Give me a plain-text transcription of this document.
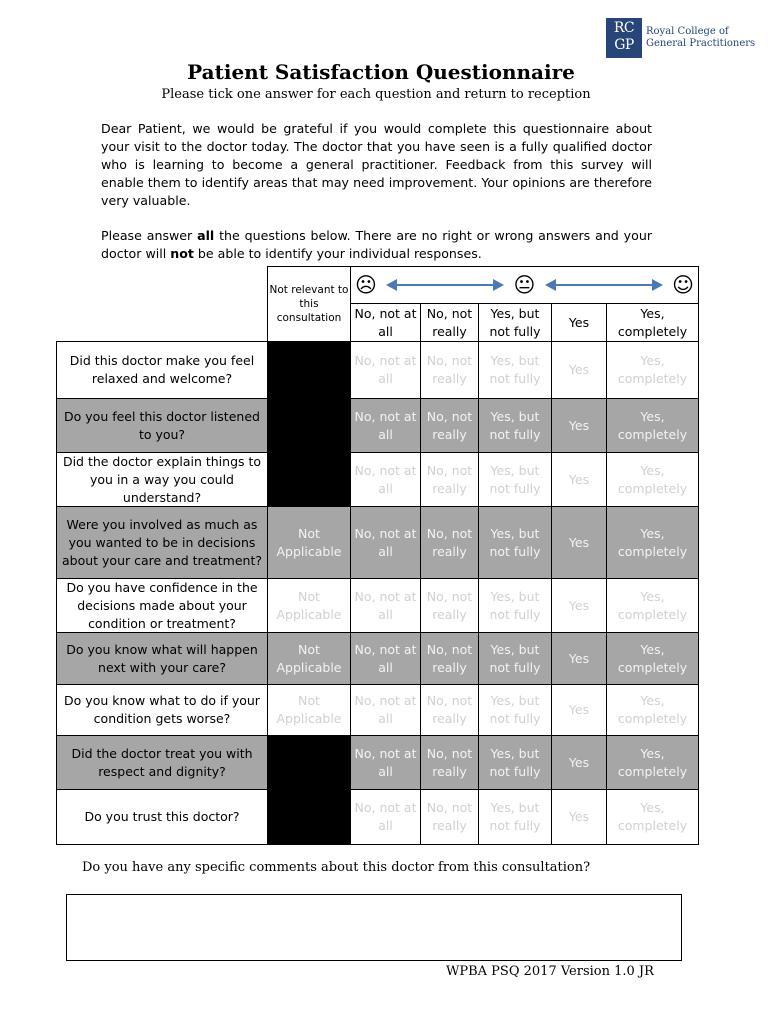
RC
GP
Royal College of
General Practitioners
Patient Satisfaction Questionnaire
Please tick one answer for each question and return to reception
Dear Patient, we would be grateful if you would complete this questionnaire about your visit to the doctor today. The doctor that you have seen is a fully qualified doctor who is learning to become a general practitioner. Feedback from this survey will enable them to identify areas that may need improvement. Your opinions are therefore very valuable.
Please answer all the questions below. There are no right or wrong answers and your doctor will not be able to identify your individual responses.
Not relevant to this consultation
☹	😐	☺
No, not at all
No, not really
Yes, but not fully
Yes
Yes, completely
Did this doctor make you feel relaxed and welcome?
No, not at all
No, not really
Yes, but not fully
Yes
Yes, completely
Do you feel this doctor listened to you?
No, not at all
No, not really
Yes, but not fully
Yes
Yes, completely
Did the doctor explain things to you in a way you could understand?
No, not at all
No, not really
Yes, but not fully
Yes
Yes, completely
Were you involved as much as you wanted to be in decisions about your care and treatment?
Not Applicable
No, not at all
No, not really
Yes, but not fully
Yes
Yes, completely
Do you have confidence in the decisions made about your condition or treatment?
Not Applicable
No, not at all
No, not really
Yes, but not fully
Yes
Yes, completely
Do you know what will happen next with your care?
Not Applicable
No, not at all
No, not really
Yes, but not fully
Yes
Yes, completely
Do you know what to do if your condition gets worse?
Not Applicable
No, not at all
No, not really
Yes, but not fully
Yes
Yes, completely
Did the doctor treat you with respect and dignity?
No, not at all
No, not really
Yes, but not fully
Yes
Yes, completely
Do you trust this doctor?
No, not at all
No, not really
Yes, but not fully
Yes
Yes, completely
Do you have any specific comments about this doctor from this consultation?
WPBA PSQ 2017 Version 1.0 JR
